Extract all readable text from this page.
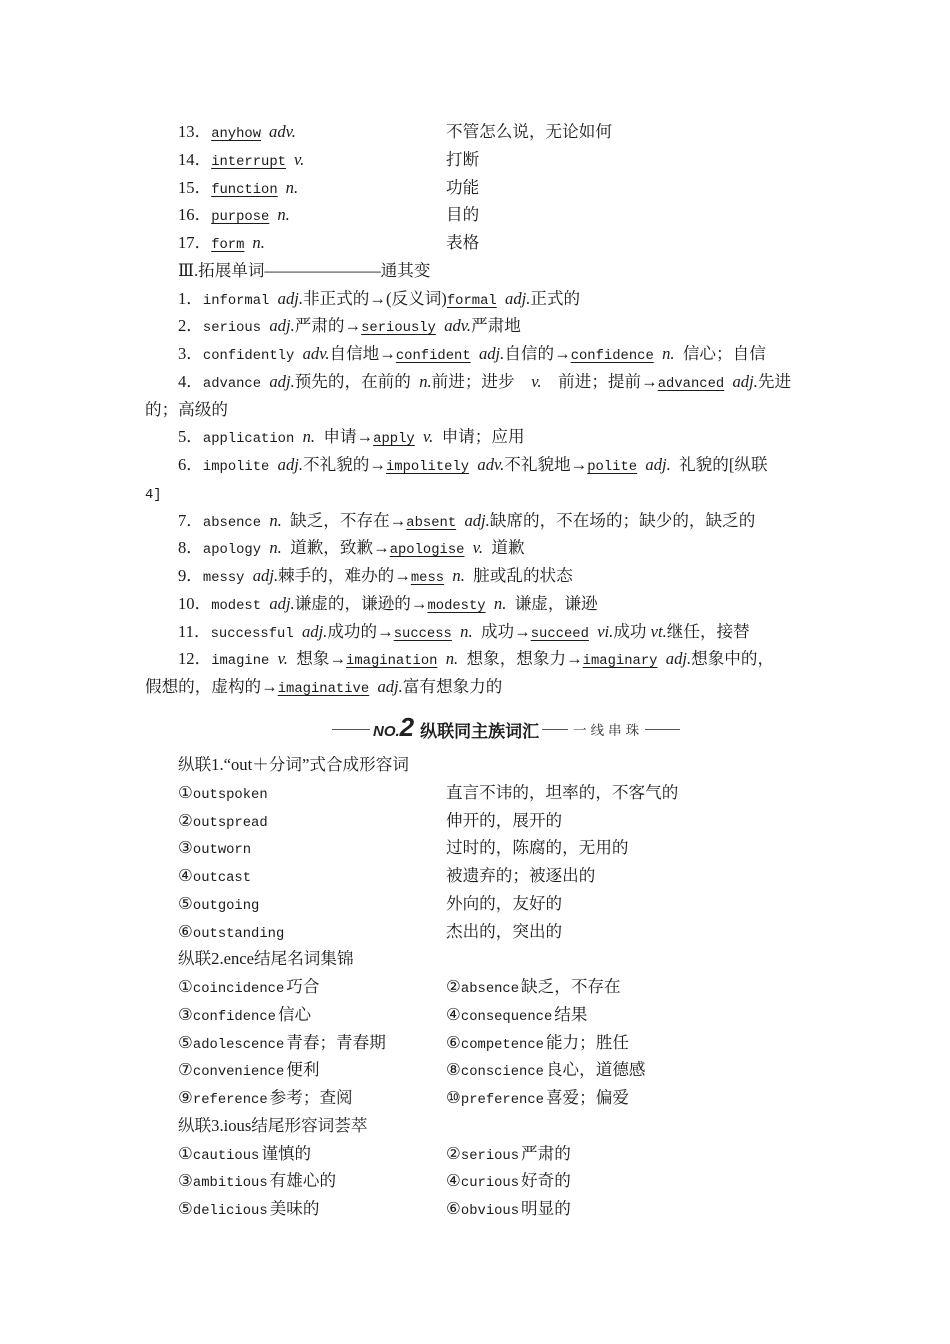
13．anyhow adv.	不管怎么说，无论如何
14．interrupt v.	打断
15．function n.	功能
16．purpose n.	目的
17．form n.	表格
Ⅲ.拓展单词———————通其变
1．informal adj.非正式的→(反义词)formal adj.正式的
2．serious adj.严肃的→seriously adv.严肃地
3．confidently adv.自信地→confident adj.自信的→confidence n. 信心；自信
4．advance adj.预先的，在前的 n.前进；进步 v. 前进；提前→advanced adj.先进
的；高级的
5．application n. 申请→apply v. 申请；应用
6．impolite adj.不礼貌的→impolitely adv.不礼貌地→polite adj. 礼貌的[纵联
4]
7．absence n. 缺乏，不存在→absent adj.缺席的，不在场的；缺少的，缺乏的
8．apology n. 道歉，致歉→apologise v. 道歉
9．messy adj.棘手的，难办的→mess n. 脏或乱的状态
10．modest adj.谦虚的，谦逊的→modesty n. 谦虚，谦逊
11．successful adj.成功的→success n. 成功→succeed vi.成功 vt.继任，接替
12．imagine v. 想象→imagination n. 想象，想象力→imaginary adj.想象中的，
假想的，虚构的→imaginative adj.富有想象力的
NO.2 纵联同主族词汇	一线串珠
纵联1.“out＋分词”式合成形容词
①outspoken	直言不讳的，坦率的，不客气的
②outspread	伸开的，展开的
③outworn	过时的，陈腐的，无用的
④outcast	被遗弃的；被逐出的
⑤outgoing	外向的，友好的
⑥outstanding	杰出的，突出的
纵联2.ence结尾名词集锦
①coincidence 巧合	②absence 缺乏，不存在
③confidence 信心	④consequence 结果
⑤adolescence 青春；青春期	⑥competence 能力；胜任
⑦convenience 便利	⑧conscience 良心，道德感
⑨reference 参考；查阅	⑩preference 喜爱；偏爱
纵联3.ious结尾形容词荟萃
①cautious 谨慎的	②serious 严肃的
③ambitious 有雄心的	④curious 好奇的
⑤delicious 美味的	⑥obvious 明显的
